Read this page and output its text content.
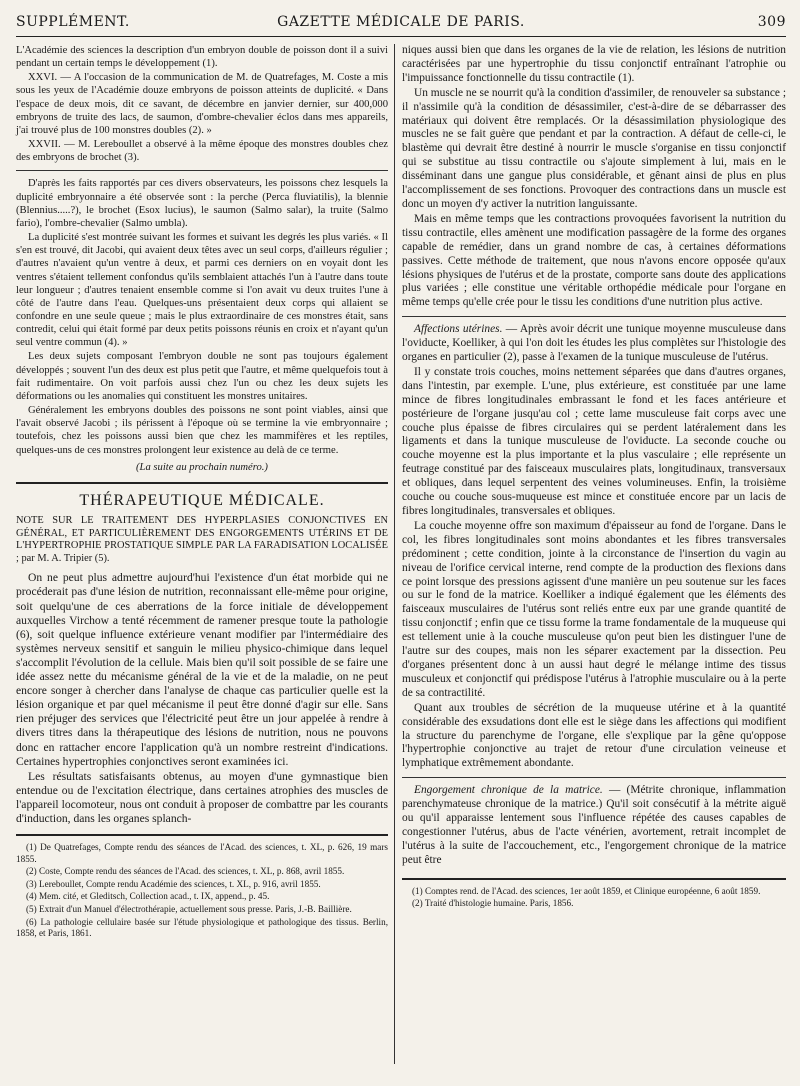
SUPPLÉMENT.	GAZETTE MÉDICALE DE PARIS.	309

L'Académie des sciences la description d'un embryon double de poisson dont il a suivi pendant un certain temps le développement (1).

XXVI. — A l'occasion de la communication de M. de Quatrefages, M. Coste a mis sous les yeux de l'Académie douze embryons de poisson atteints de duplicité. « Dans l'espace de deux mois, dit ce savant, de décembre en janvier dernier, sur 400,000 embryons de truite des lacs, de saumon, d'ombre-chevalier éclos dans mes appareils, j'ai trouvé plus de 100 monstres doubles (2). »

XXVII. — M. Lereboullet a observé à la même époque des monstres doubles chez des embryons de brochet (3).

D'après les faits rapportés par ces divers observateurs, les poissons chez lesquels la duplicité embryonnaire a été observée sont : la perche (Perca fluviatilis), la blennie (Blennius.....?), le brochet (Esox lucius), le saumon (Salmo salar), la truite (Salmo fario), l'ombre-chevalier (Salmo umbla).

La duplicité s'est montrée suivant les formes et suivant les degrés les plus variés. « Il s'en est trouvé, dit Jacobi, qui avaient deux têtes avec un seul corps, d'ailleurs régulier ; d'autres n'avaient qu'un ventre à deux, et parmi ces derniers on en voyait dont les ventres s'étaient tellement confondus qu'ils semblaient attachés l'un à l'autre dans toute leur longueur ; d'autres tenaient ensemble comme si l'on avait vu deux truites l'une à côté de l'autre dans l'eau. Quelques-uns présentaient deux corps qui allaient se confondre en une seule queue ; mais le plus extraordinaire de ces monstres était, sans contredit, celui qui était formé par deux petits poissons réunis en croix et n'ayant qu'un seul ventre commun (4). »

Les deux sujets composant l'embryon double ne sont pas toujours également développés ; souvent l'un des deux est plus petit que l'autre, et même quelquefois tout à fait rudimentaire. On voit parfois aussi chez l'un ou chez les deux sujets les déformations ou les anomalies qui constituent les monstres unitaires.

Généralement les embryons doubles des poissons ne sont point viables, ainsi que l'avait observé Jacobi ; ils périssent à l'époque où se termine la vie embryonnaire ; toutefois, chez les poissons aussi bien que chez les mammifères et les reptiles, quelques-uns de ces monstres prolongent leur existence au delà de ce terme.

(La suite au prochain numéro.)

THÉRAPEUTIQUE MÉDICALE.

NOTE SUR LE TRAITEMENT DES HYPERPLASIES CONJONCTIVES EN GÉNÉRAL, ET PARTICULIÈREMENT DES ENGORGEMENTS UTÉRINS ET DE L'HYPERTROPHIE PROSTATIQUE SIMPLE PAR LA FARADISATION LOCALISÉE ; par M. A. Tripier (5).

On ne peut plus admettre aujourd'hui l'existence d'un état morbide qui ne procéderait pas d'une lésion de nutrition, reconnaissant elle-même pour origine, soit quelqu'une de ces aberrations de la force initiale de développement auxquelles Virchow a tenté récemment de ramener presque toute la pathologie (6), soit quelque influence extérieure venant modifier par l'intermédiaire des systèmes nerveux sensitif et sanguin le milieu physico-chimique dans lequel s'accomplit l'évolution de la cellule. Mais bien qu'il soit possible de se faire une idée assez nette du mécanisme général de la vie et de la maladie, on ne peut encore songer à chercher dans l'analyse de chaque cas particulier quelle est la lésion organique et par quel mécanisme il peut être donné d'agir sur elle. Sans rien préjuger des services que l'électricité peut être un jour appelée à rendre à divers titres dans la thérapeutique des lésions de nutrition, nous ne pouvons donc en rattacher encore l'application qu'à un nombre restreint d'indications. Certaines hypertrophies conjonctives seront examinées ici.

Les résultats satisfaisants obtenus, au moyen d'une gymnastique bien entendue ou de l'excitation électrique, dans certaines atrophies des muscles de l'appareil locomoteur, nous ont conduit à proposer de combattre par les courants d'induction, dans les organes splanch-

(1) De Quatrefages, Compte rendu des séances de l'Acad. des sciences, t. XL, p. 626, 19 mars 1855.

(2) Coste, Compte rendu des séances de l'Acad. des sciences, t. XL, p. 868, avril 1855.

(3) Lereboullet, Compte rendu Académie des sciences, t. XL, p. 916, avril 1855.

(4) Mem. cité, et Gleditsch, Collection acad., t. IX, append., p. 45.

(5) Extrait d'un Manuel d'électrothérapie, actuellement sous presse. Paris, J.-B. Baillière.

(6) La pathologie cellulaire basée sur l'étude physiologique et pathologique des tissus. Berlin, 1858, et Paris, 1861.

niques aussi bien que dans les organes de la vie de relation, les lésions de nutrition caractérisées par une hypertrophie du tissu conjonctif entraînant l'atrophie ou l'impuissance fonctionnelle du tissu contractile (1).

Un muscle ne se nourrit qu'à la condition d'assimiler, de renouveler sa substance ; il n'assimile qu'à la condition de désassimiler, c'est-à-dire de se débarrasser des matériaux qui doivent être remplacés. Or la désassimilation physiologique des muscles ne se fait guère que pendant et par la contraction. A défaut de celle-ci, le blastème qui devrait être destiné à nourrir le muscle s'organise en tissu conjonctif qui se substitue au tissu contractile ou s'ajoute simplement à lui, mais en le disséminant dans une gangue plus considérable, et gênant ainsi de plus en plus l'accomplissement de ses fonctions. Provoquer des contractions dans un muscle est donc un moyen d'y activer la nutrition languissante.

Mais en même temps que les contractions provoquées favorisent la nutrition du tissu contractile, elles amènent une modification passagère de la forme des organes capable de remédier, dans un grand nombre de cas, à certaines déformations passives. Cette méthode de traitement, que nous n'avons encore opposée qu'aux lésions physiques de l'utérus et de la prostate, comporte sans doute des applications plus variées ; elle constitue une véritable orthopédie médicale pour l'organe en même temps qu'elle crée pour le tissu les conditions d'une nutrition plus active.

Affections utérines. — Après avoir décrit une tunique moyenne musculeuse dans l'oviducte, Koelliker, à qui l'on doit les études les plus complètes sur l'histologie des organes en particulier (2), passe à l'examen de la tunique musculeuse de l'utérus.

Il y constate trois couches, moins nettement séparées que dans d'autres organes, dans l'intestin, par exemple. L'une, plus extérieure, est constituée par une lame mince de fibres longitudinales embrassant le fond et les faces antérieure et postérieure de l'organe jusqu'au col ; cette lame musculeuse fait corps avec une couche plus épaisse de fibres circulaires qui se perdent latéralement dans les ligaments et dans la tunique musculeuse de l'oviducte. La seconde couche ou couche moyenne est la plus importante et la plus vasculaire ; elle représente un feutrage constitué par des faisceaux musculaires plats, longitudinaux, transversaux et obliques, dans lequel serpentent des veines volumineuses. Enfin, la troisième couche ou couche sous-muqueuse est mince et constituée encore par un lacis de fibres longitudinales, transversales et obliques.

La couche moyenne offre son maximum d'épaisseur au fond de l'organe. Dans le col, les fibres longitudinales sont moins abondantes et les fibres transversales prédominent ; cette condition, jointe à la circonstance de l'insertion du vagin au niveau de l'orifice cervical interne, rend compte de la production des flexions dans ce point lorsque des pressions agissent d'une manière un peu soutenue sur les faces ou sur le fond de la matrice. Koelliker a indiqué également que les éléments des faisceaux musculaires de l'utérus sont reliés entre eux par une grande quantité de tissu conjonctif ; enfin que ce tissu forme la trame fondamentale de la muqueuse qui est tellement unie à la couche musculeuse qu'on peut bien les distinguer l'une de l'autre sur des coupes, mais non les séparer exactement par la dissection. Peu d'organes présentent donc à un aussi haut degré le mélange intime des tissus musculeux et conjonctif qui prédispose l'utérus à l'atrophie musculaire ou à la perte de sa contractilité.

Quant aux troubles de sécrétion de la muqueuse utérine et à la quantité considérable des exsudations dont elle est le siège dans les affections qui modifient la structure du parenchyme de l'organe, elle s'explique par la gêne qu'oppose l'hypertrophie conjonctive au trajet de retour d'une circulation veineuse et lymphatique extrêmement abondante.

Engorgement chronique de la matrice. — (Métrite chronique, inflammation parenchymateuse chronique de la matrice.) Qu'il soit consécutif à la métrite aiguë ou qu'il apparaisse lentement sous l'influence répétée des causes capables de congestionner l'utérus, abus de l'acte vénérien, avortement, retrait incomplet de l'utérus à la suite de l'accouchement, etc., l'engorgement chronique de la matrice peut être

(1) Comptes rend. de l'Acad. des sciences, 1er août 1859, et Clinique européenne, 6 août 1859.

(2) Traité d'histologie humaine. Paris, 1856.
